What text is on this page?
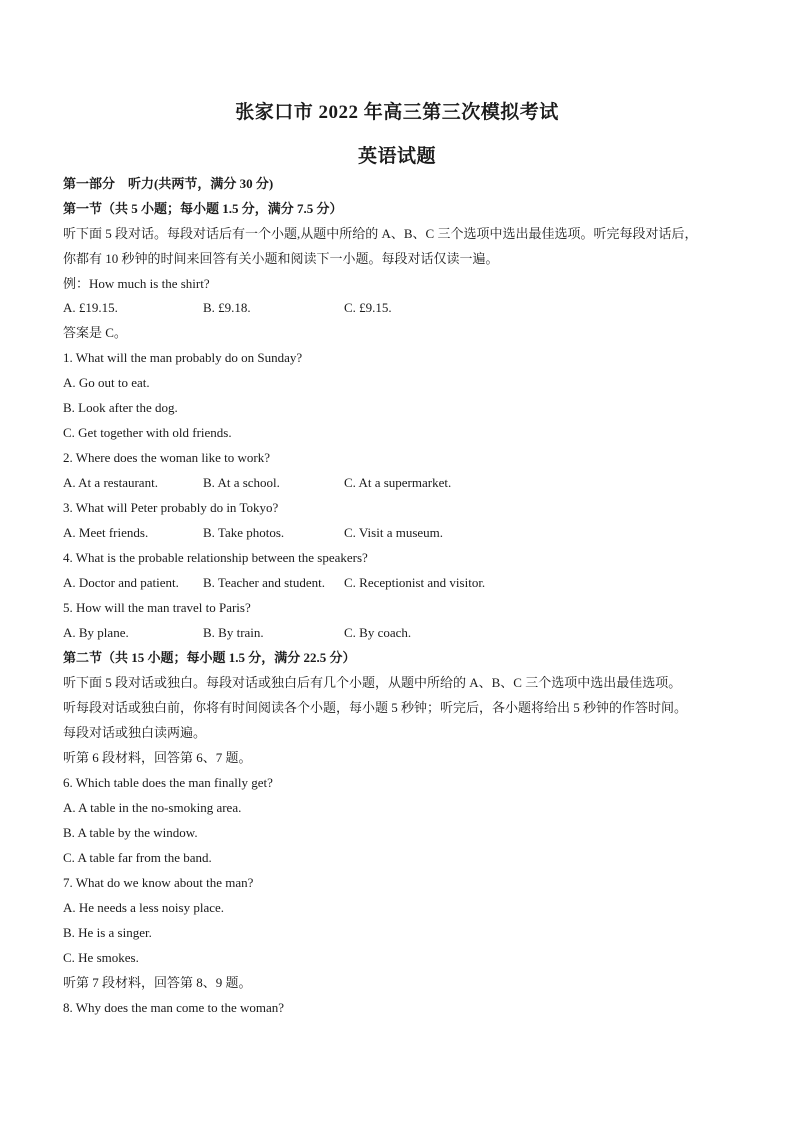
张家口市 2022 年高三第三次模拟考试
英语试题
第一部分　听力(共两节，满分 30 分)
第一节（共 5 小题；每小题 1.5 分，满分 7.5 分）
听下面 5 段对话。每段对话后有一个小题,从题中所给的 A、B、C 三个选项中选出最佳选项。听完每段对话后，
你都有 10 秒钟的时间来回答有关小题和阅读下一小题。每段对话仅读一遍。
例：How much is the shirt?
A. £19.15.	B. £9.18.	C. £9.15.
答案是 C。
1. What will the man probably do on Sunday?
A. Go out to eat.
B. Look after the dog.
C. Get together with old friends.
2. Where does the woman like to work?
A. At a restaurant.	B. At a school.	C. At a supermarket.
3. What will Peter probably do in Tokyo?
A. Meet friends.	B. Take photos.	C. Visit a museum.
4. What is the probable relationship between the speakers?
A. Doctor and patient. B. Teacher and student. C. Receptionist and visitor.
5. How will the man travel to Paris?
A. By plane.	B. By train.	C. By coach.
第二节（共 15 小题；每小题 1.5 分，满分 22.5 分）
听下面 5 段对话或独白。每段对话或独白后有几个小题，从题中所给的 A、B、C 三个选项中选出最佳选项。
听每段对话或独白前，你将有时间阅读各个小题，每小题 5 秒钟；听完后，各小题将给出 5 秒钟的作答时间。
每段对话或独白读两遍。
听第 6 段材料，回答第 6、7 题。
6. Which table does the man finally get?
A. A table in the no-smoking area.
B. A table by the window.
C. A table far from the band.
7. What do we know about the man?
A. He needs a less noisy place.
B. He is a singer.
C. He smokes.
听第 7 段材料，回答第 8、9 题。
8. Why does the man come to the woman?
